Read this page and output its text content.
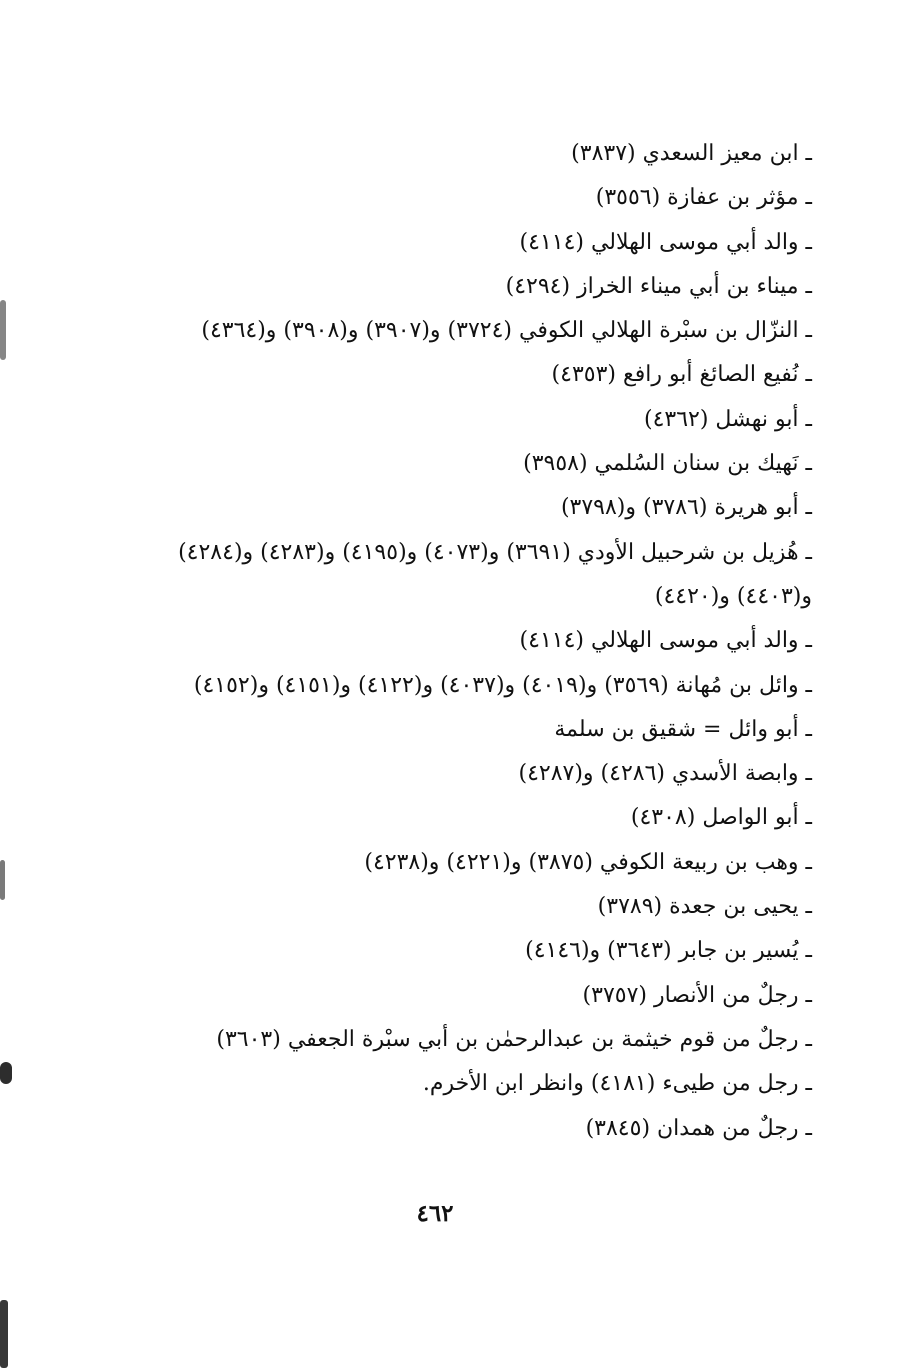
ـ ابن معيز السعدي (٣٨٣٧)
ـ مؤثر بن عفازة (٣٥٥٦)
ـ والد أبي موسى الهلالي (٤١١٤)
ـ ميناء بن أبي ميناء الخراز (٤٢٩٤)
ـ النزّال بن سبْرة الهلالي الكوفي (٣٧٢٤) و(٣٩٠٧) و(٣٩٠٨) و(٤٣٦٤)
ـ نُفيع الصائغ أبو رافع (٤٣٥٣)
ـ أبو نهشل (٤٣٦٢)
ـ نَهيك بن سنان السُلمي (٣٩٥٨)
ـ أبو هريرة (٣٧٨٦) و(٣٧٩٨)
ـ هُزيل بن شرحبيل الأودي (٣٦٩١) و(٤٠٧٣) و(٤١٩٥) و(٤٢٨٣) و(٤٢٨٤) و(٤٤٠٣) و(٤٤٢٠)
ـ والد أبي موسى الهلالي (٤١١٤)
ـ وائل بن مُهانة (٣٥٦٩) و(٤٠١٩) و(٤٠٣٧) و(٤١٢٢) و(٤١٥١) و(٤١٥٢)
ـ أبو وائل = شقيق بن سلمة
ـ وابصة الأسدي (٤٢٨٦) و(٤٢٨٧)
ـ أبو الواصل (٤٣٠٨)
ـ وهب بن ربيعة الكوفي (٣٨٧٥) و(٤٢٢١) و(٤٢٣٨)
ـ يحيى بن جعدة (٣٧٨٩)
ـ يُسير بن جابر (٣٦٤٣) و(٤١٤٦)
ـ رجلٌ من الأنصار (٣٧٥٧)
ـ رجلٌ من قوم خيثمة بن عبدالرحمٰن بن أبي سبْرة الجعفي (٣٦٠٣)
ـ رجل من طيىء (٤١٨١) وانظر ابن الأخرم.
ـ رجلٌ من همدان (٣٨٤٥)
٤٦٢
